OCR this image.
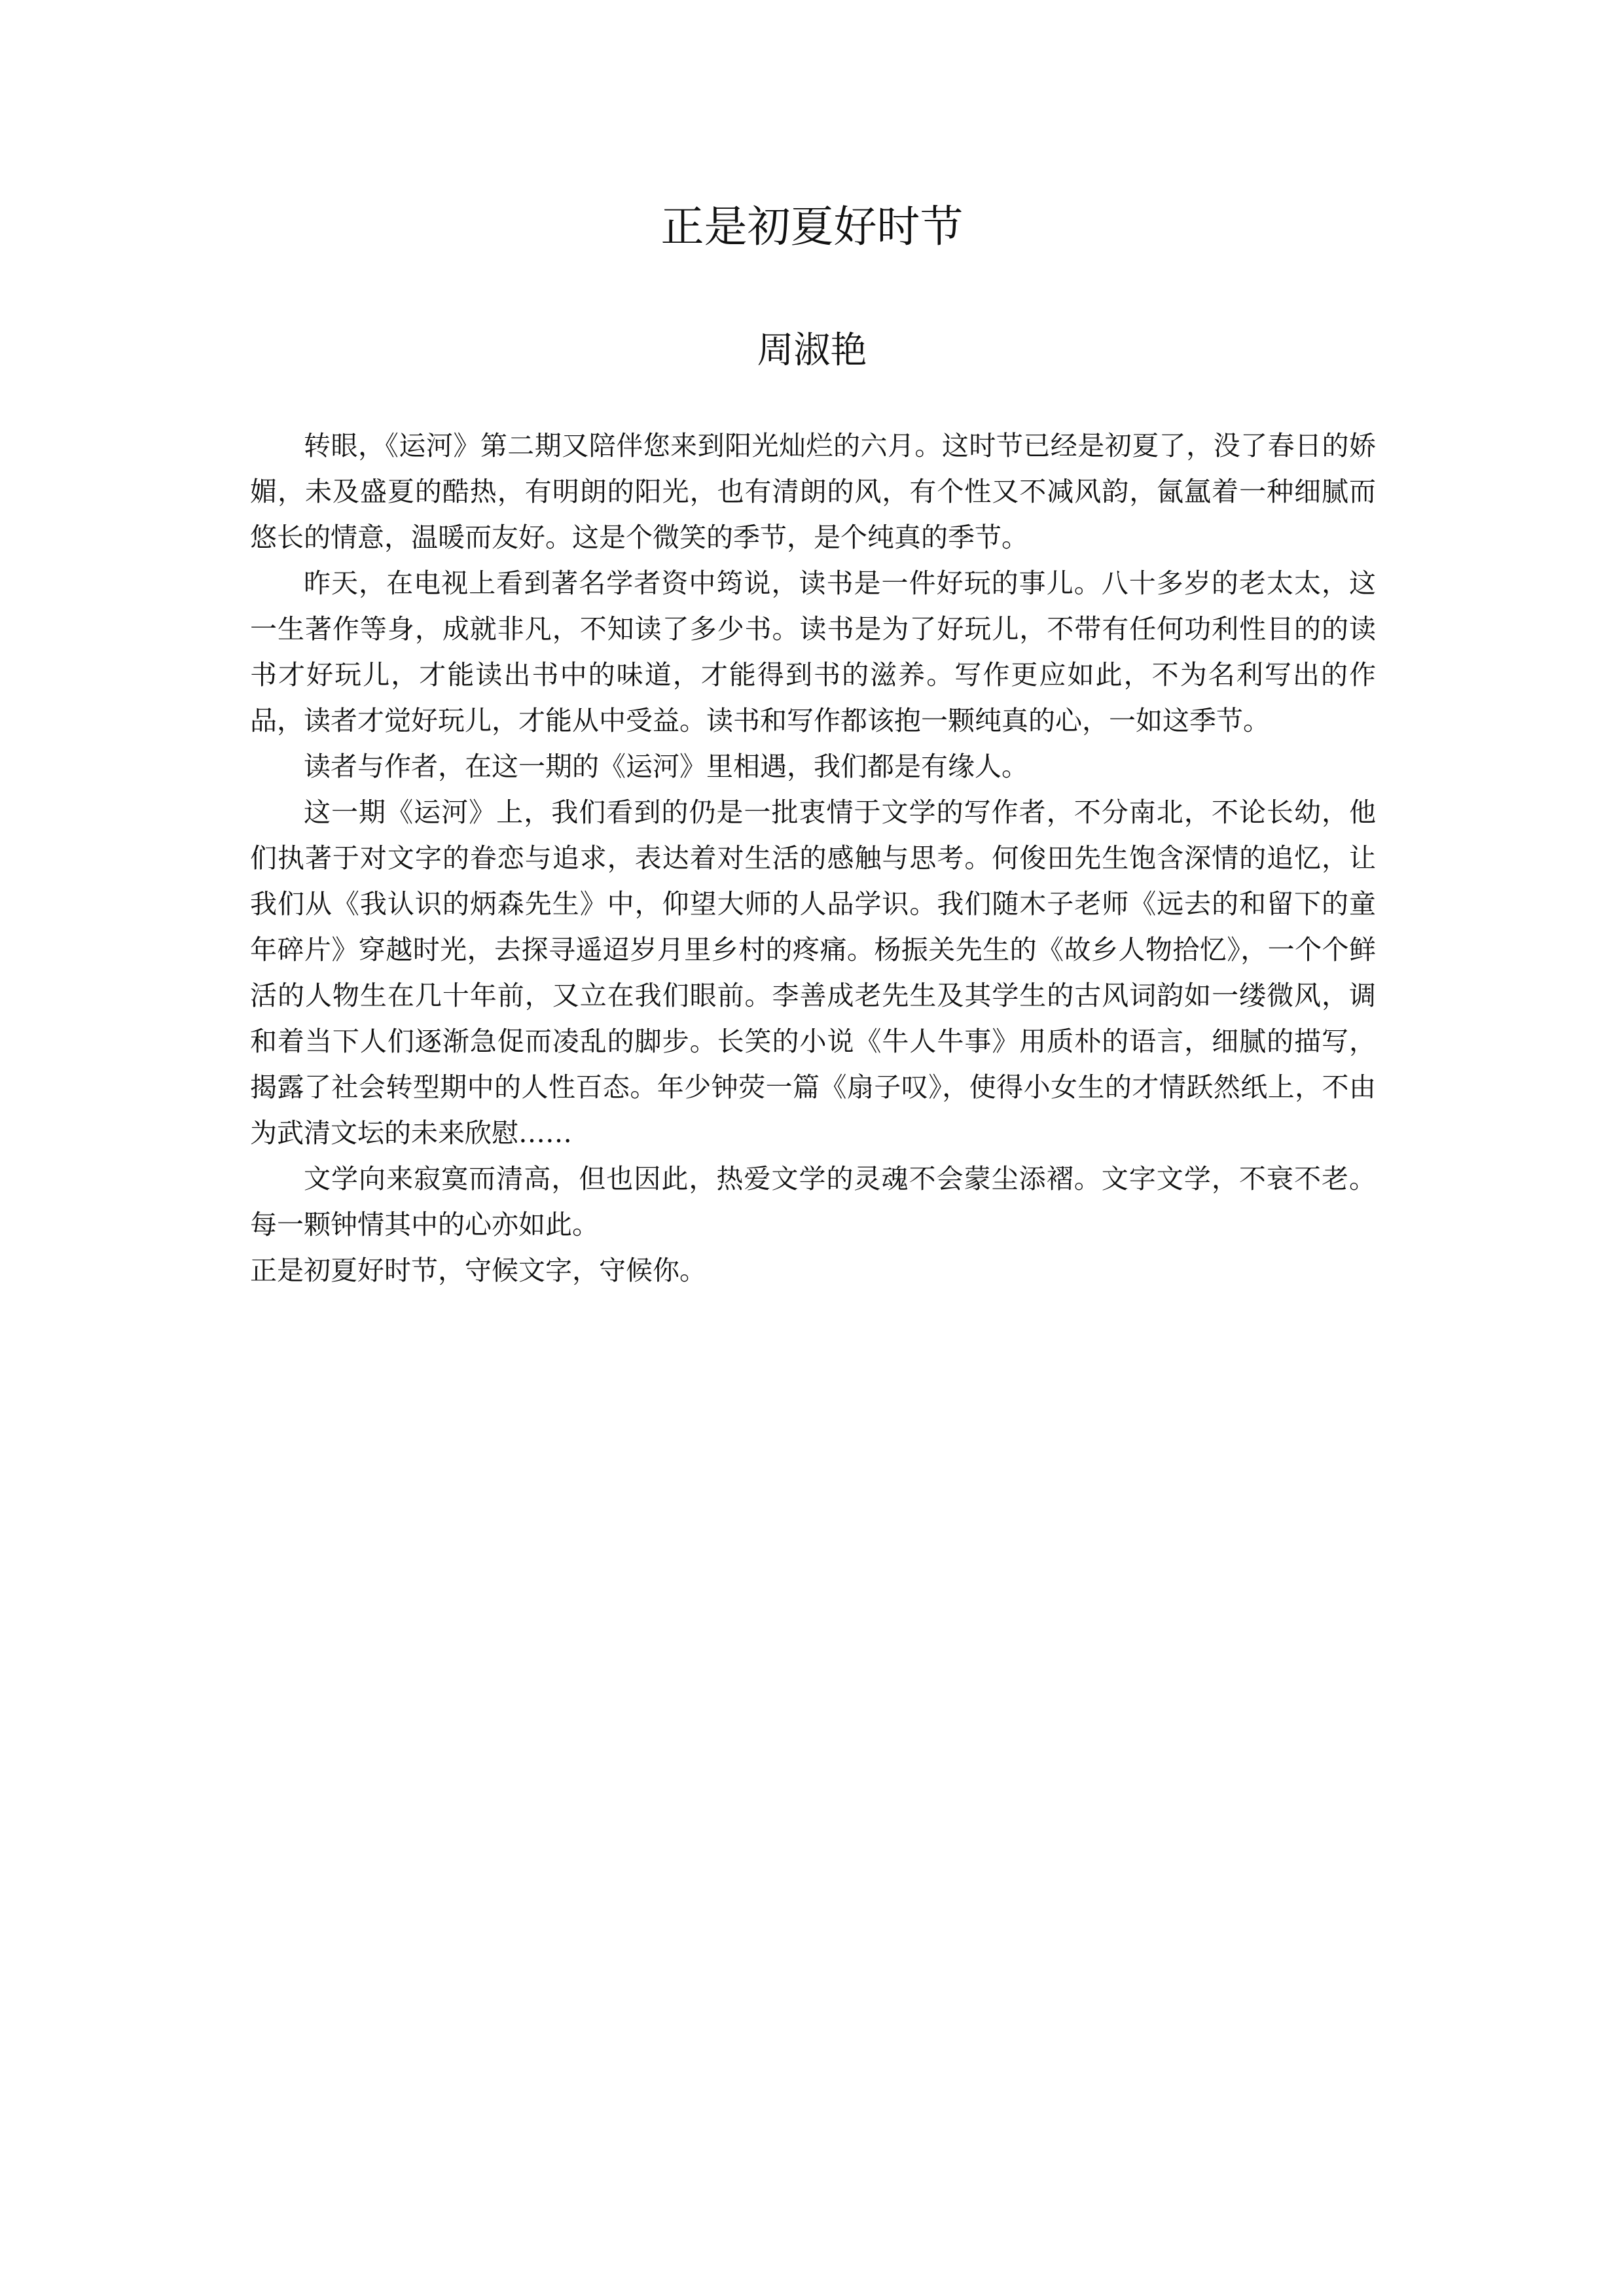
正是初夏好时节
周淑艳

转眼，《运河》第二期又陪伴您来到阳光灿烂的六月。这时节已经是初夏了，没了春日的娇媚，未及盛夏的酷热，有明朗的阳光，也有清朗的风，有个性又不减风韵，氤氲着一种细腻而悠长的情意，温暖而友好。这是个微笑的季节，是个纯真的季节。

昨天，在电视上看到著名学者资中筠说，读书是一件好玩的事儿。八十多岁的老太太，这一生著作等身，成就非凡，不知读了多少书。读书是为了好玩儿，不带有任何功利性目的的读书才好玩儿，才能读出书中的味道，才能得到书的滋养。写作更应如此，不为名利写出的作品，读者才觉好玩儿，才能从中受益。读书和写作都该抱一颗纯真的心，一如这季节。

读者与作者，在这一期的《运河》里相遇，我们都是有缘人。

这一期《运河》上，我们看到的仍是一批衷情于文学的写作者，不分南北，不论长幼，他们执著于对文字的眷恋与追求，表达着对生活的感触与思考。何俊田先生饱含深情的追忆，让我们从《我认识的炳森先生》中，仰望大师的人品学识。我们随木子老师《远去的和留下的童年碎片》穿越时光，去探寻遥迢岁月里乡村的疼痛。杨振关先生的《故乡人物拾忆》，一个个鲜活的人物生在几十年前，又立在我们眼前。李善成老先生及其学生的古风词韵如一缕微风，调和着当下人们逐渐急促而凌乱的脚步。长笑的小说《牛人牛事》用质朴的语言，细腻的描写，揭露了社会转型期中的人性百态。年少钟荧一篇《扇子叹》，使得小女生的才情跃然纸上，不由为武清文坛的未来欣慰……

文学向来寂寞而清高，但也因此，热爱文学的灵魂不会蒙尘添褶。文字文学，不衰不老。每一颗钟情其中的心亦如此。

正是初夏好时节，守候文字，守候你。
